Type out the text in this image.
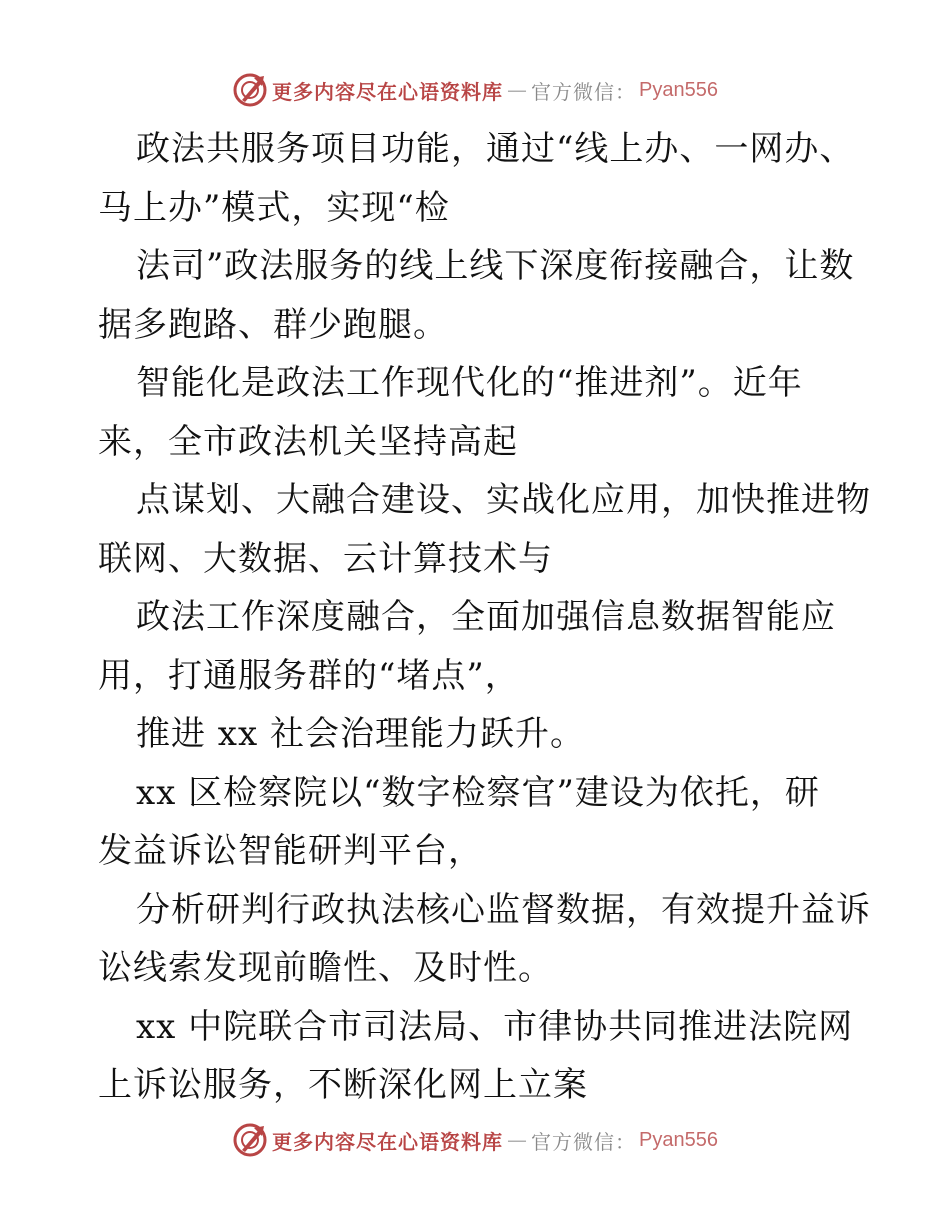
更多内容尽在心语资料库 — 官方微信 ： Pyan556
政法共服务项目功能，通过“线上办、一网办、
马上办”模式，实现“检
法司”政法服务的线上线下深度衔接融合，让数
据多跑路、群少跑腿。
智能化是政法工作现代化的“推进剂”。近年
来，全市政法机关坚持高起
点谋划、大融合建设、实战化应用，加快推进物
联网、大数据、云计算技术与
政法工作深度融合，全面加强信息数据智能应
用，打通服务群的“堵点”，
推进 xx 社会治理能力跃升。
xx 区检察院以“数字检察官”建设为依托，研
发益诉讼智能研判平台，
分析研判行政执法核心监督数据，有效提升益诉
讼线索发现前瞻性、及时性。
xx 中院联合市司法局、市律协共同推进法院网
上诉讼服务，不断深化网上立案
更多内容尽在心语资料库 — 官方微信 ： Pyan556
